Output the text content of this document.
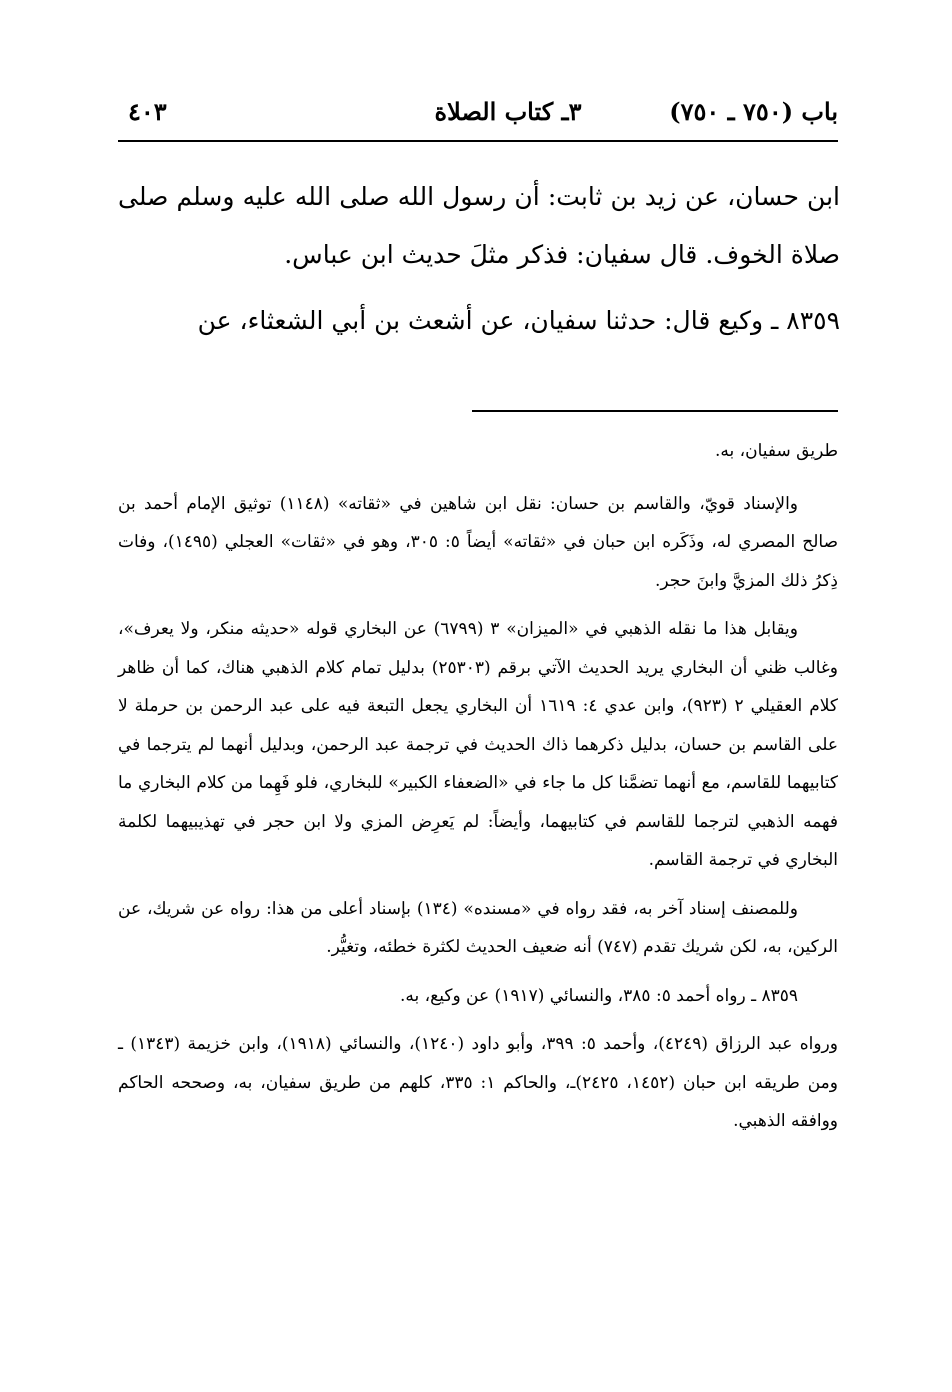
باب (٧٥٠ ـ ٧٥٠)
٣ـ كتاب الصلاة
٤٠٣

ابن حسان، عن زيد بن ثابت: أن رسول الله صلى الله عليه وسلم صلى صلاة الخوف. قال سفيان: فذكر مثلَ حديث ابن عباس.

٨٣٥٩ ـ وكيع قال: حدثنا سفيان، عن أشعث بن أبي الشعثاء، عن

طريق سفيان، به.

والإسناد قويّ، والقاسم بن حسان: نقل ابن شاهين في «ثقاته» (١١٤٨) توثيق الإمام أحمد بن صالح المصري له، وذَكَره ابن حبان في «ثقاته» أيضاً ٥: ٣٠٥، وهو في «ثقات» العجلي (١٤٩٥)، وفات ذِكرُ ذلك المزيَّ وابنَ حجر.

ويقابل هذا ما نقله الذهبي في «الميزان» ٣ (٦٧٩٩) عن البخاري قوله «حديثه منكر، ولا يعرف»، وغالب ظني أن البخاري يريد الحديث الآتي برقم (٢٥٣٠٣) بدليل تمام كلام الذهبي هناك، كما أن ظاهر كلام العقيلي ٢ (٩٢٣)، وابن عدي ٤: ١٦١٩ أن البخاري يجعل التبعة فيه على عبد الرحمن بن حرملة لا على القاسم بن حسان، بدليل ذكرهما ذاك الحديث في ترجمة عبد الرحمن، وبدليل أنهما لم يترجما في كتابيهما للقاسم، مع أنهما تضمَّنا كل ما جاء في «الضعفاء الكبير» للبخاري، فلو فَهِما من كلام البخاري ما فهمه الذهبي لترجما للقاسم في كتابيهما، وأيضاً: لم يَعرِض المزي ولا ابن حجر في تهذيبيهما لكلمة البخاري في ترجمة القاسم.

وللمصنف إسناد آخر به، فقد رواه في «مسنده» (١٣٤) بإسناد أعلى من هذا: رواه عن شريك، عن الركين، به، لكن شريك تقدم (٧٤٧) أنه ضعيف الحديث لكثرة خطئه، وتغيُّر.

٨٣٥٩ ـ رواه أحمد ٥: ٣٨٥، والنسائي (١٩١٧) عن وكيع، به.

ورواه عبد الرزاق (٤٢٤٩)، وأحمد ٥: ٣٩٩، وأبو داود (١٢٤٠)، والنسائي (١٩١٨)، وابن خزيمة (١٣٤٣) ـ ومن طريقه ابن حبان (١٤٥٢، ٢٤٢٥)ـ، والحاكم ١: ٣٣٥، كلهم من طريق سفيان، به، وصححه الحاكم ووافقه الذهبي.
